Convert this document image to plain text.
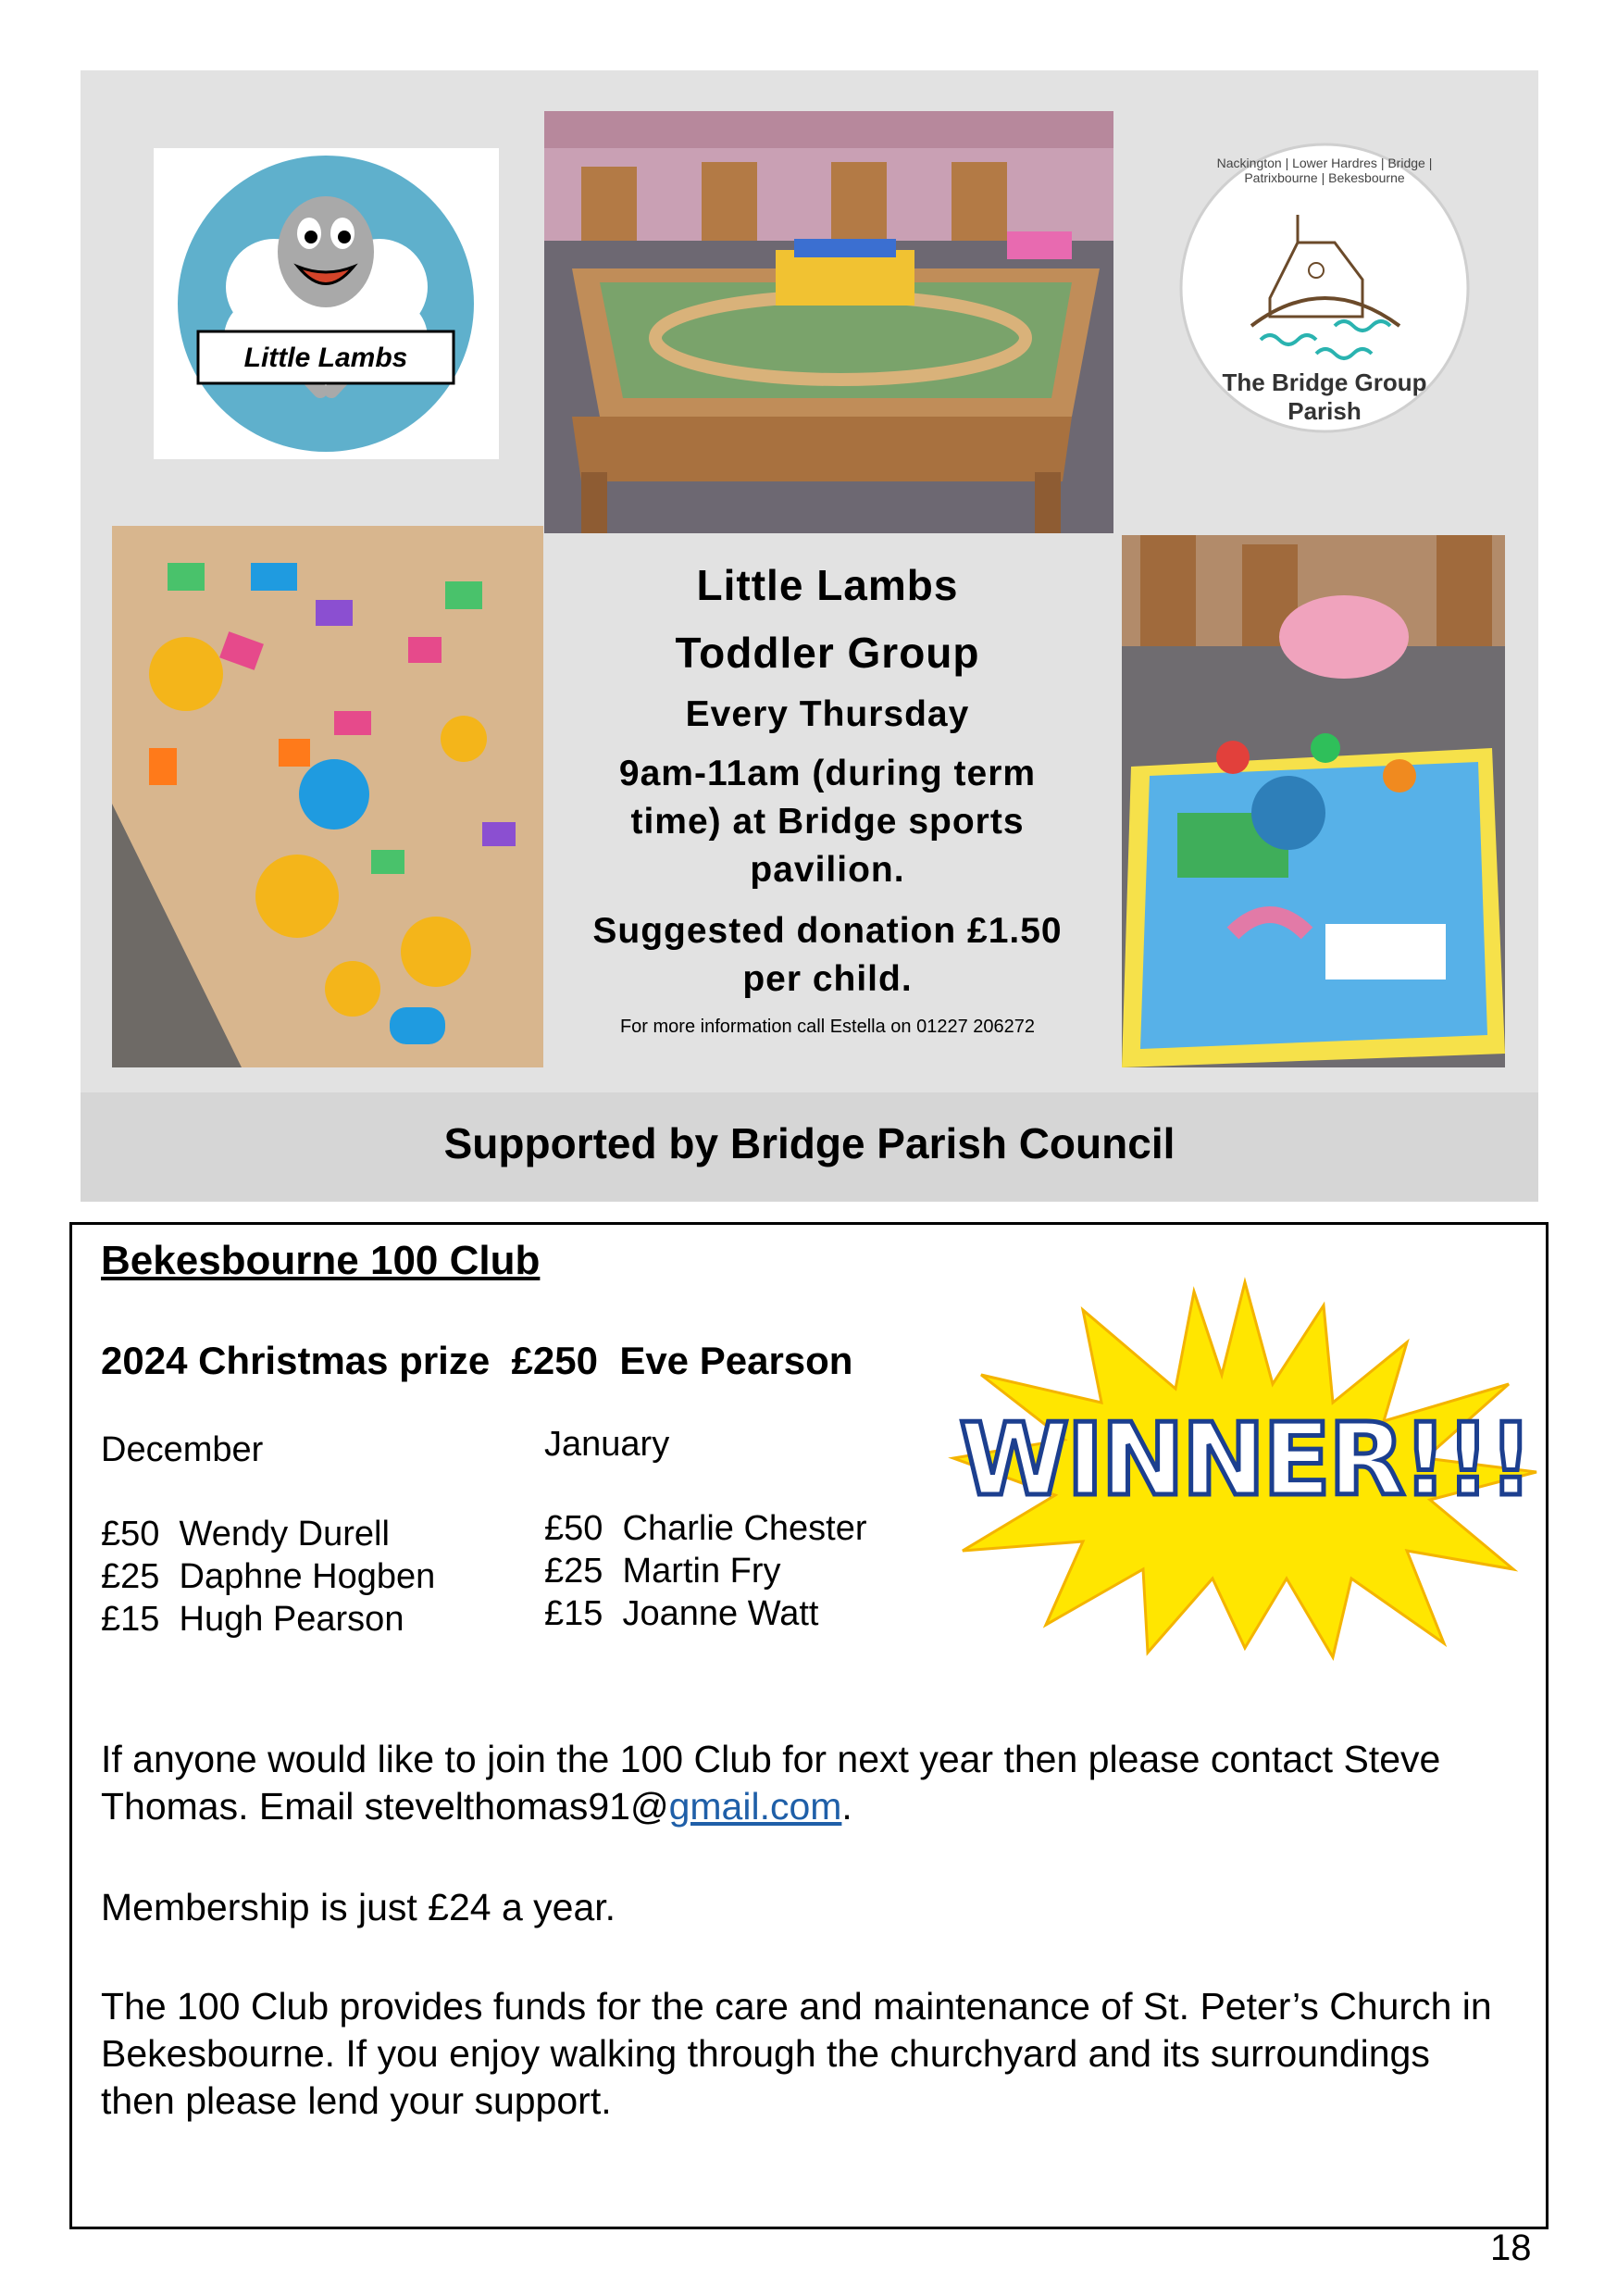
Little Lambs
Nackington | Lower Hardres | Bridge | Patrixbourne | Bekesbourne
The Bridge Group Parish
Little Lambs
Toddler Group
Every Thursday
9am-11am (during term time) at Bridge sports pavilion.
Suggested donation £1.50 per child.
For more information call Estella on 01227 206272
Supported by Bridge Parish Council
Bekesbourne 100 Club
2024 Christmas prize  £250  Eve Pearson
WINNER!!!
December
£50  Wendy Durell
£25  Daphne Hogben
£15  Hugh Pearson
January
£50  Charlie Chester
£25  Martin Fry
£15  Joanne Watt
If anyone would like to join the 100 Club for next year then please contact Steve Thomas. Email stevelthomas91@gmail.com.
Membership is just £24 a year.
The 100 Club provides funds for the care and maintenance of St. Peter’s Church in Bekesbourne. If you enjoy walking through the churchyard and its surroundings then please lend your support.
18
